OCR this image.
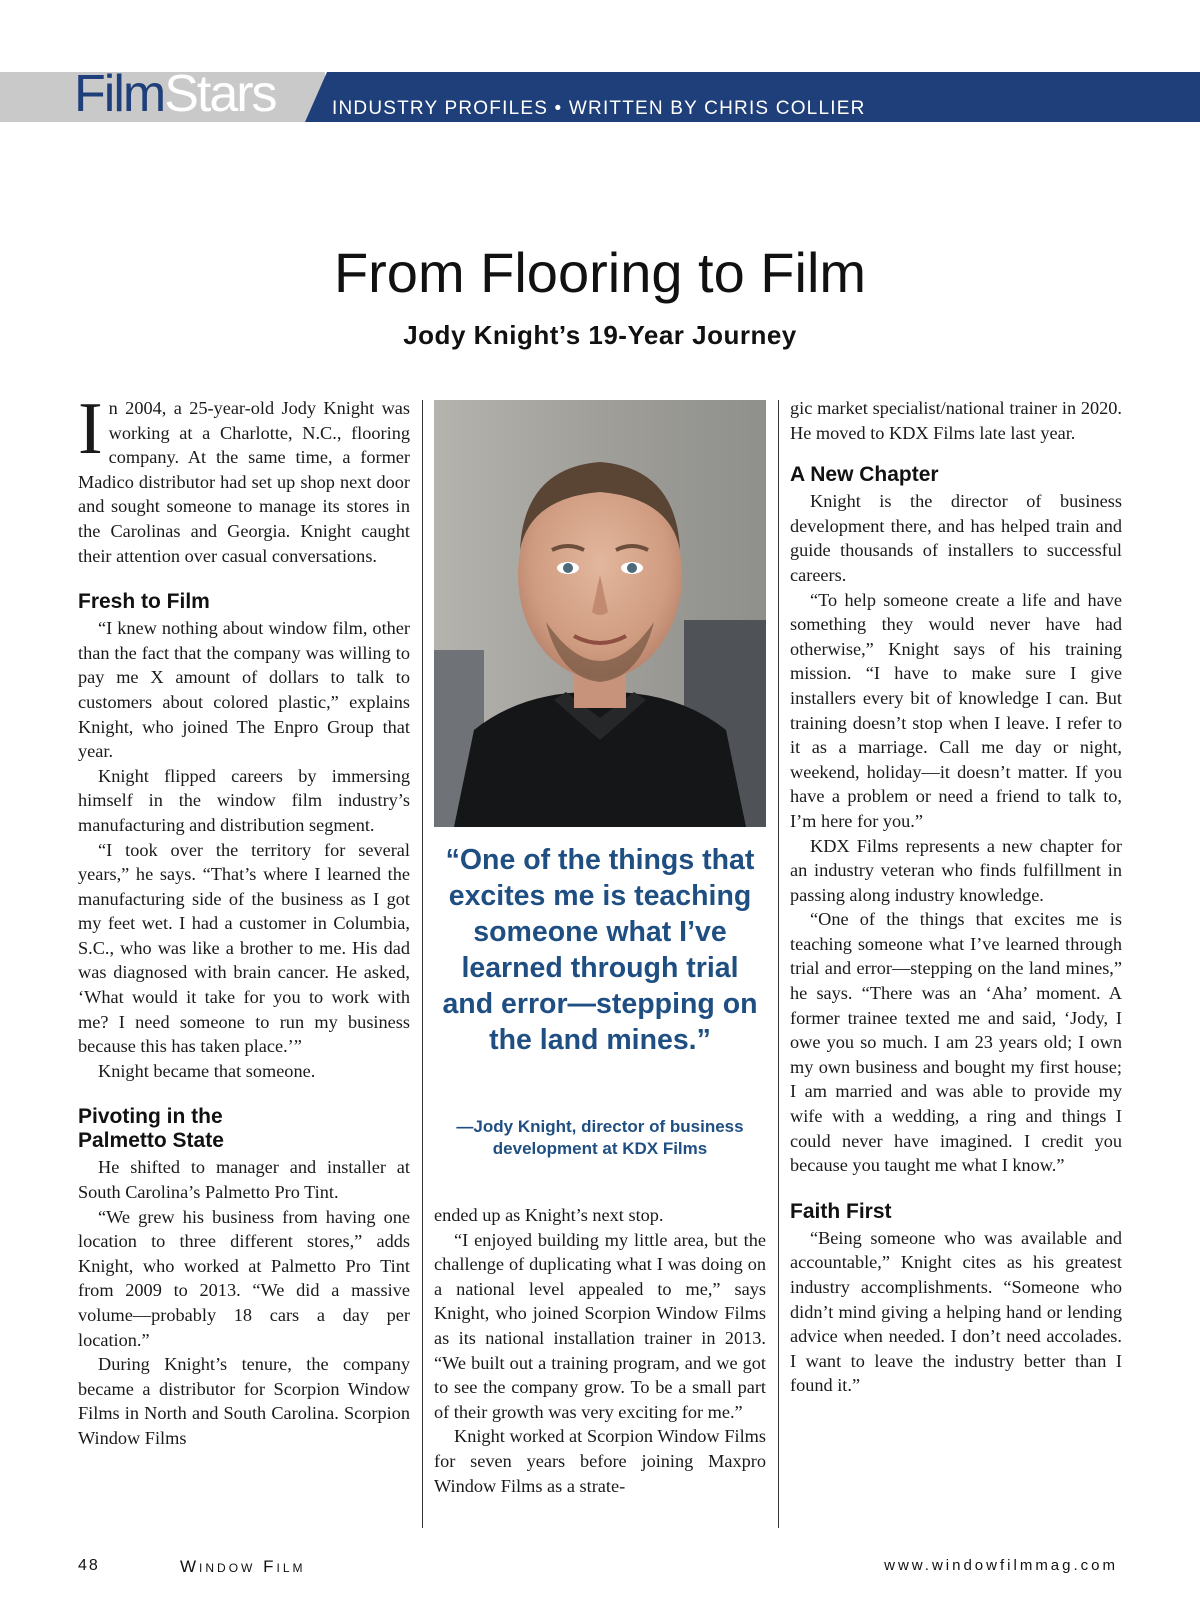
FilmStars	INDUSTRY PROFILES • WRITTEN BY CHRIS COLLIER
From Flooring to Film
Jody Knight’s 19-Year Journey

In 2004, a 25-year-old Jody Knight was working at a Charlotte, N.C., flooring company. At the same time, a former Madico distributor had set up shop next door and sought someone to manage its stores in the Carolinas and Georgia. Knight caught their attention over casual conversations.

Fresh to Film

“I knew nothing about window film, other than the fact that the company was willing to pay me X amount of dollars to talk to customers about colored plastic,” explains Knight, who joined The Enpro Group that year.

Knight flipped careers by immersing himself in the window film industry’s manufacturing and distribution segment.

“I took over the territory for several years,” he says. “That’s where I learned the manufacturing side of the business as I got my feet wet. I had a customer in Columbia, S.C., who was like a brother to me. His dad was diagnosed with brain cancer. He asked, ‘What would it take for you to work with me? I need someone to run my business because this has taken place.’”

Knight became that someone.

Pivoting in the
Palmetto State

He shifted to manager and installer at South Carolina’s Palmetto Pro Tint.

“We grew his business from having one location to three different stores,” adds Knight, who worked at Palmetto Pro Tint from 2009 to 2013. “We did a massive volume—probably 18 cars a day per location.”

During Knight’s tenure, the company became a distributor for Scorpion Window Films in North and South Carolina. Scorpion Window Films

“One of the things that excites me is teaching someone what I’ve learned through trial and error—stepping on the land mines.”

—Jody Knight, director of business development at KDX Films

ended up as Knight’s next stop.

“I enjoyed building my little area, but the challenge of duplicating what I was doing on a national level appealed to me,” says Knight, who joined Scorpion Window Films as its national installation trainer in 2013. “We built out a training program, and we got to see the company grow. To be a small part of their growth was very exciting for me.”

Knight worked at Scorpion Window Films for seven years before joining Maxpro Window Films as a strate-

gic market specialist/national trainer in 2020. He moved to KDX Films late last year.

A New Chapter

Knight is the director of business development there, and has helped train and guide thousands of installers to successful careers.

“To help someone create a life and have something they would never have had otherwise,” Knight says of his training mission. “I have to make sure I give installers every bit of knowledge I can. But training doesn’t stop when I leave. I refer to it as a marriage. Call me day or night, weekend, holiday—it doesn’t matter. If you have a problem or need a friend to talk to, I’m here for you.”

KDX Films represents a new chapter for an industry veteran who finds fulfillment in passing along industry knowledge.

“One of the things that excites me is teaching someone what I’ve learned through trial and error—stepping on the land mines,” he says. “There was an ‘Aha’ moment. A former trainee texted me and said, ‘Jody, I owe you so much. I am 23 years old; I own my own business and bought my first house; I am married and was able to provide my wife with a wedding, a ring and things I could never have imagined. I credit you because you taught me what I know.”

Faith First

“Being someone who was available and accountable,” Knight cites as his greatest industry accomplishments. “Someone who didn’t mind giving a helping hand or lending advice when needed. I don’t need accolades. I want to leave the industry better than I found it.”

48	Window Film	www.windowfilmmag.com
